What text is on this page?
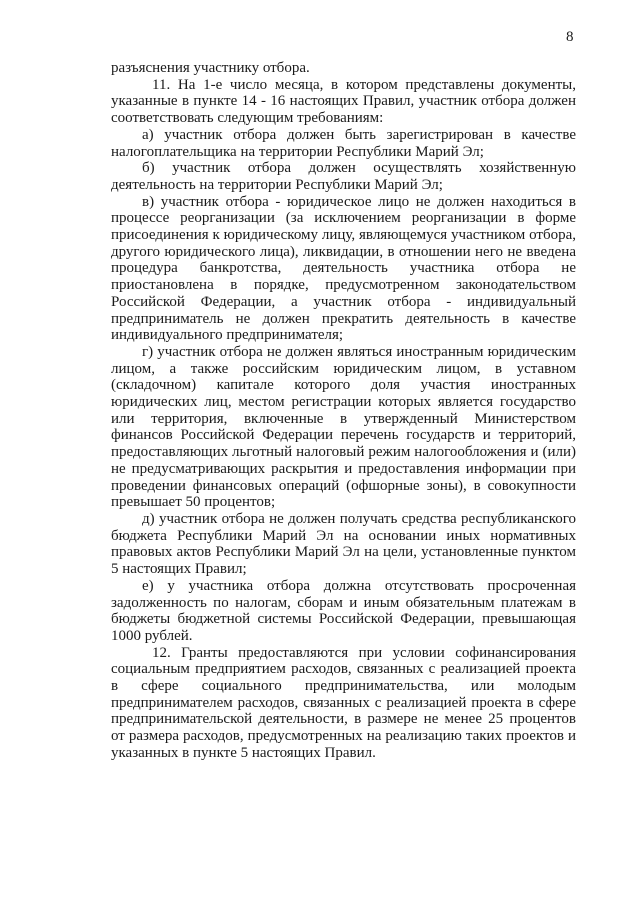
8

разъяснения участнику отбора.

11. На 1-е число месяца, в котором представлены документы, указанные в пункте 14 - 16 настоящих Правил, участник отбора должен соответствовать следующим требованиям:

а) участник отбора должен быть зарегистрирован в качестве налогоплательщика на территории Республики Марий Эл;

б) участник отбора должен осуществлять хозяйственную деятельность на территории Республики Марий Эл;

в) участник отбора - юридическое лицо не должен находиться в процессе реорганизации (за исключением реорганизации в форме присоединения к юридическому лицу, являющемуся участником отбора, другого юридического лица), ликвидации, в отношении него не введена процедура банкротства, деятельность участника отбора не приостановлена в порядке, предусмотренном законодательством Российской Федерации, а участник отбора - индивидуальный предприниматель не должен прекратить деятельность в качестве индивидуального предпринимателя;

г) участник отбора не должен являться иностранным юридическим лицом, а также российским юридическим лицом, в уставном (складочном) капитале которого доля участия иностранных юридических лиц, местом регистрации которых является государство или территория, включенные в утвержденный Министерством финансов Российской Федерации перечень государств и территорий, предоставляющих льготный налоговый режим налогообложения и (или) не предусматривающих раскрытия и предоставления информации при проведении финансовых операций (офшорные зоны), в совокупности превышает 50 процентов;

д) участник отбора не должен получать средства республиканского бюджета Республики Марий Эл на основании иных нормативных правовых актов Республики Марий Эл на цели, установленные пунктом 5 настоящих Правил;

е) у участника отбора должна отсутствовать просроченная задолженность по налогам, сборам и иным обязательным платежам в бюджеты бюджетной системы Российской Федерации, превышающая 1000 рублей.

12. Гранты предоставляются при условии софинансирования социальным предприятием расходов, связанных с реализацией проекта в сфере социального предпринимательства, или молодым предпринимателем расходов, связанных с реализацией проекта в сфере предпринимательской деятельности, в размере не менее 25 процентов от размера расходов, предусмотренных на реализацию таких проектов и указанных в пункте 5 настоящих Правил.
